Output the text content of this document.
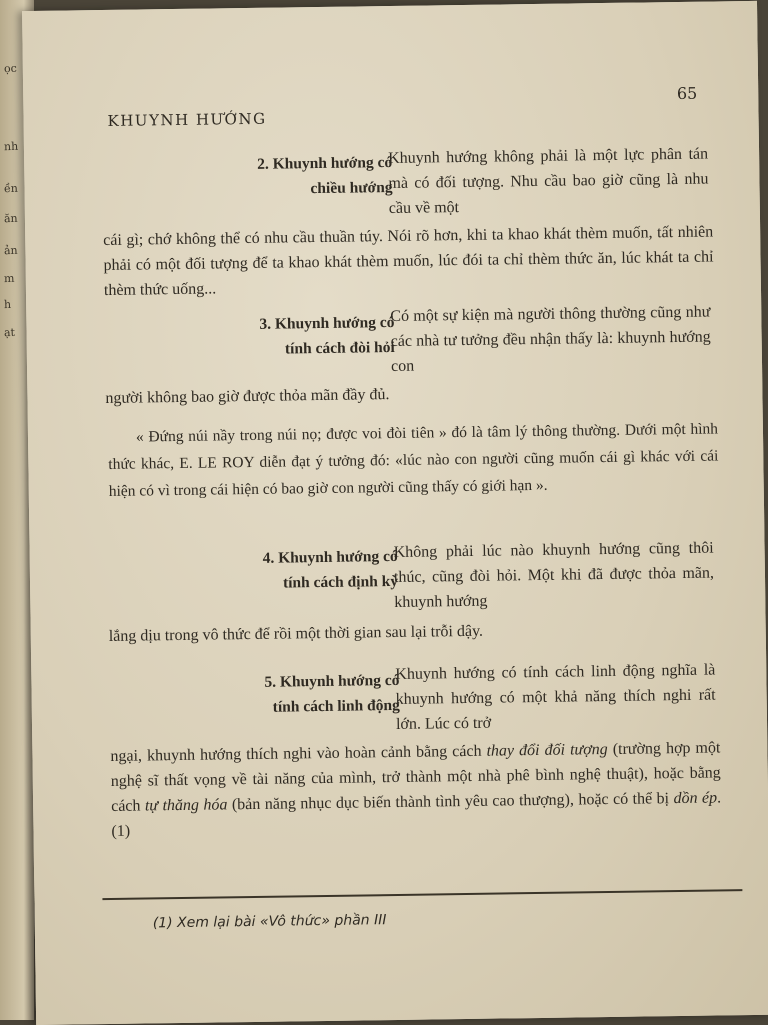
ọc
nh
ền
ăn
ản
m
h
ạt
KHUYNH HƯỚNG
65
2. Khuynh hướng có
chiều hướng
Khuynh hướng không phải là một lực phân tán mà có đối tượng. Nhu cầu bao giờ cũng là nhu cầu về một
cái gì; chớ không thể có nhu cầu thuần túy. Nói rõ hơn, khi ta khao khát thèm muốn, tất nhiên phải có một đối tượng để ta khao khát thèm muốn, lúc đói ta chỉ thèm thức ăn, lúc khát ta chỉ thèm thức uống...
3. Khuynh hướng có
tính cách đòi hỏi
Có một sự kiện mà người thông thường cũng như các nhà tư tưởng đều nhận thấy là: khuynh hướng con
người không bao giờ được thỏa mãn đầy đủ.
« Đứng núi nầy trong núi nọ; được voi đòi tiên » đó là tâm lý thông thường. Dưới một hình thức khác, E. LE ROY diễn đạt ý tưởng đó: «lúc nào con người cũng muốn cái gì khác với cái hiện có vì trong cái hiện có bao giờ con người cũng thấy có giới hạn ».
4. Khuynh hướng có
tính cách định kỳ
Không phải lúc nào khuynh hướng cũng thôi thúc, cũng đòi hỏi. Một khi đã được thỏa mãn, khuynh hướng
lắng dịu trong vô thức để rồi một thời gian sau lại trỗi dậy.
5. Khuynh hướng có
tính cách linh động
Khuynh hướng có tính cách linh động nghĩa là khuynh hướng có một khả năng thích nghi rất lớn. Lúc có trở
ngại, khuynh hướng thích nghi vào hoàn cảnh bằng cách thay đổi đối tượng (trường hợp một nghệ sĩ thất vọng về tài năng của mình, trở thành một nhà phê bình nghệ thuật), hoặc bằng cách tự thăng hóa (bản năng nhục dục biến thành tình yêu cao thượng), hoặc có thể bị dồn ép. (1)
(1) Xem lại bài «Vô thức» phần III
